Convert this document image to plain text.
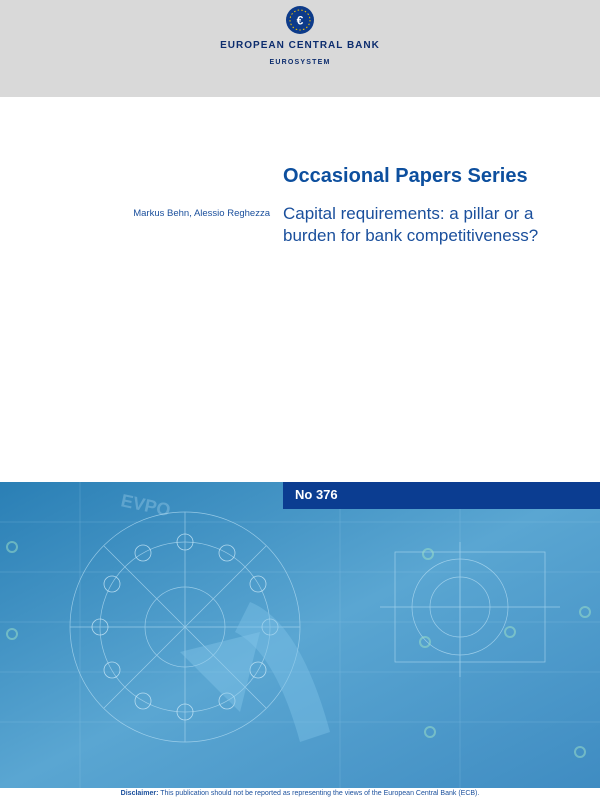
€
EUROPEAN CENTRAL BANK
EUROSYSTEM
Occasional Papers Series
Markus Behn, Alessio Reghezza Capital requirements: a pillar or a
burden for bank competitiveness?
EVPO	No 376
Disclaimer: This publication should not be reported as representing the views of the European Central Bank (ECB).
